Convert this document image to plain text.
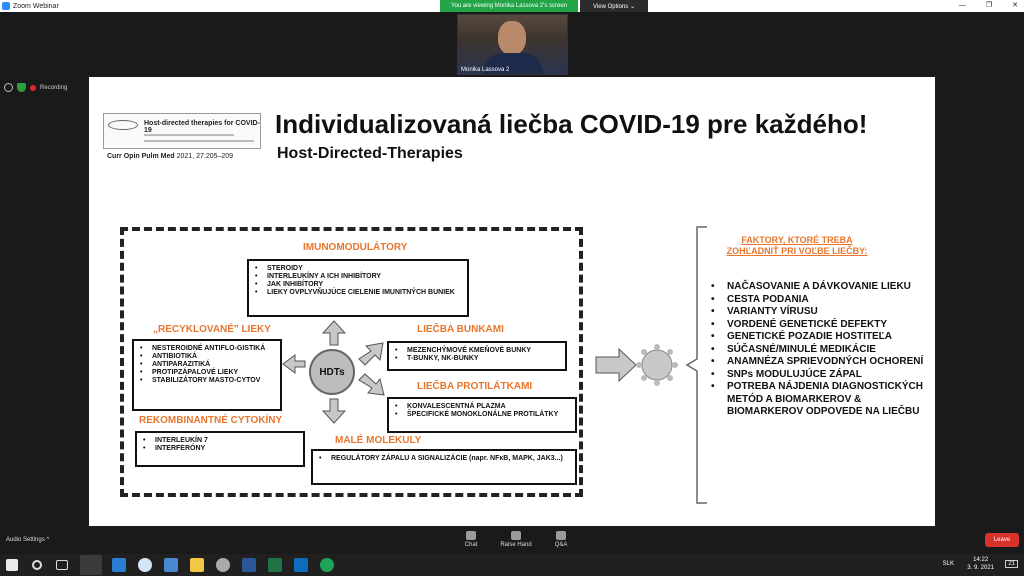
Zoom Webinar	—	❐	✕
You are viewing Monika Lassova 2's screen	View Options ⌄
Monika Lassova 2
Recording
Host-directed therapies for COVID-19
Curr Opin Pulm Med 2021, 27:205–209
Individualizovaná liečba COVID-19 pre každého!
Host-Directed-Therapies
HDTs
IMUNOMODULÁTORY
• STEROIDY
• INTERLEUKÍNY A ICH INHIBÍTORY
• JAK INHIBÍTORY
• LIEKY OVPLYVŇUJÚCE CIELENIE IMUNITNÝCH BUNIEK
„RECYKLOVANÉ" LIEKY
• NESTEROIDNÉ ANTIFLO-GISTIKÁ
• ANTIBIOTIKÁ
• ANTIPARAZITIKÁ
• PROTIPZÁPALOVÉ LIEKY
• STABILIZÁTORY MASTO-CYTOV
LIEČBA BUNKAMI
• MEZENCHÝMOVÉ KMEŇOVÉ BUNKY
• T-BUNKY, NK-BUNKY
LIEČBA PROTILÁTKAMI
• KONVALESCENTNÁ PLAZMA
• ŠPECIFICKÉ MONOKLONÁLNE PROTILÁTKY
REKOMBINANTNÉ CYTOKÍNY
• INTERLEUKÍN 7
• INTERFERÓNY
MALÉ MOLEKULY
• REGULÁTORY ZÁPALU A SIGNALIZÁCIE (napr. NFκB, MAPK, JAK3...)
FAKTORY, KTORÉ TREBA ZOHĽADNIŤ PRI VOĽBE LIEČBY:
• NAČASOVANIE A DÁVKOVANIE LIEKU
• CESTA PODANIA
• VARIANTY VÍRUSU
• VORDENÉ GENETICKÉ DEFEKTY
• GENETICKÉ POZADIE HOSTITEĽA
• SÚČASNÉ/MINULÉ MEDIKÁCIE
• ANAMNÉZA SPRIEVODNÝCH OCHORENÍ
• SNPs MODULUJÚCE ZÁPAL
• POTREBA NÁJDENIA DIAGNOSTICKÝCH METÓD A BIOMARKEROV & BIOMARKEROV ODPOVEDE NA LIEČBU
Audio Settings ^
Chat	Raise Hand	Q&A
Leave
SLK
14:22
3. 9. 2021
21
